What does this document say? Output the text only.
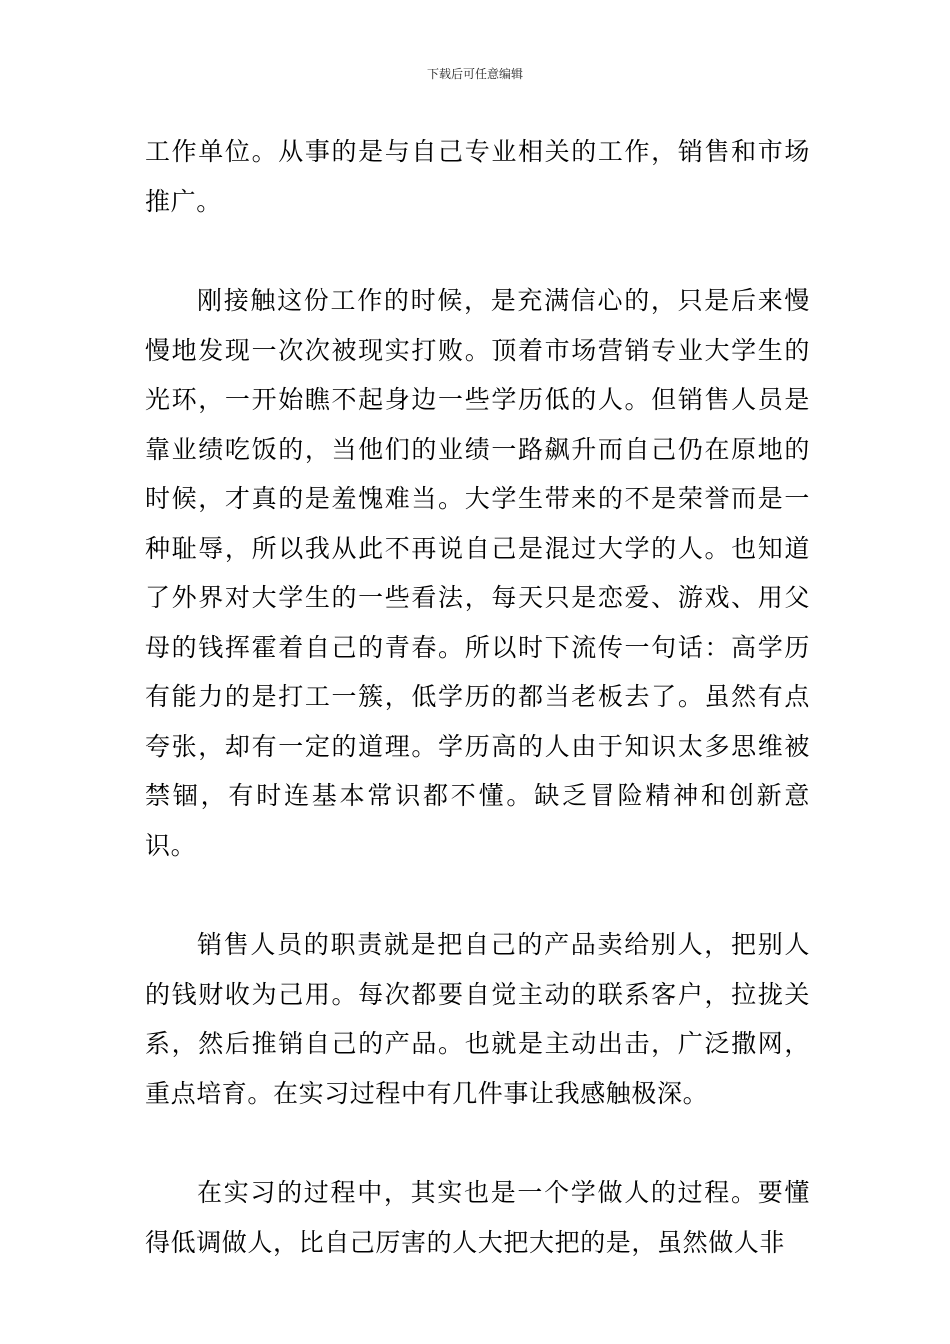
下载后可任意编辑

工作单位。从事的是与自己专业相关的工作，销售和市场推广。

刚接触这份工作的时候，是充满信心的，只是后来慢慢地发现一次次被现实打败。顶着市场营销专业大学生的光环，一开始瞧不起身边一些学历低的人。但销售人员是靠业绩吃饭的，当他们的业绩一路飙升而自己仍在原地的时候，才真的是羞愧难当。大学生带来的不是荣誉而是一种耻辱，所以我从此不再说自己是混过大学的人。也知道了外界对大学生的一些看法，每天只是恋爱、游戏、用父母的钱挥霍着自己的青春。所以时下流传一句话：高学历有能力的是打工一簇，低学历的都当老板去了。虽然有点夸张，却有一定的道理。学历高的人由于知识太多思维被禁锢，有时连基本常识都不懂。缺乏冒险精神和创新意识。

销售人员的职责就是把自己的产品卖给别人，把别人的钱财收为己用。每次都要自觉主动的联系客户，拉拢关系，然后推销自己的产品。也就是主动出击，广泛撒网，重点培育。在实习过程中有几件事让我感触极深。

在实习的过程中，其实也是一个学做人的过程。要懂得低调做人，比自己厉害的人大把大把的是，虽然做人非
